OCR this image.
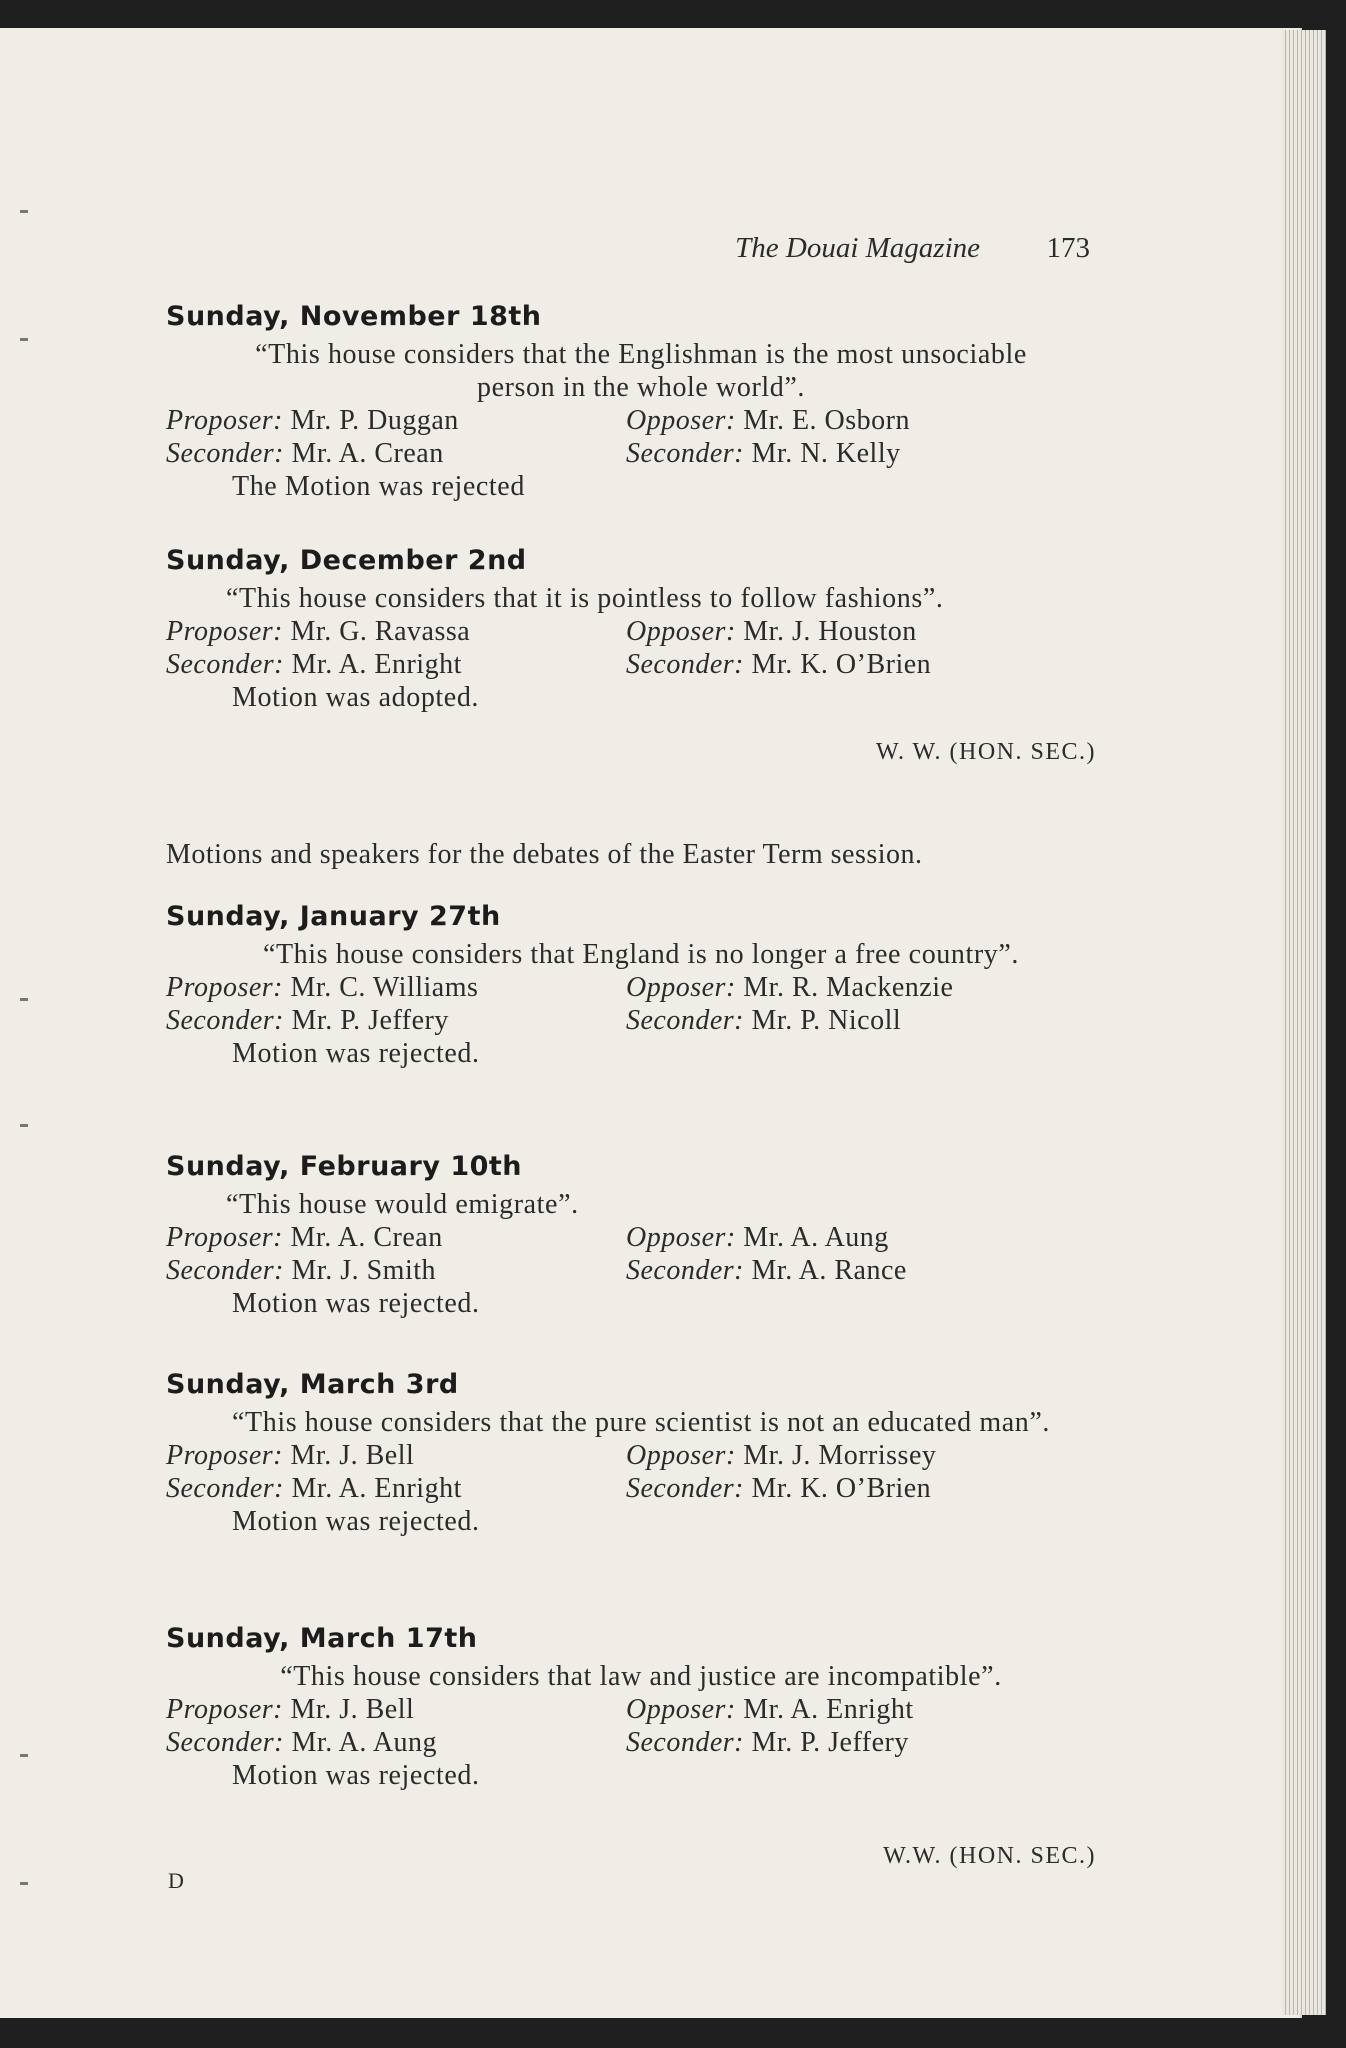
The Douai Magazine 173
Sunday, November 18th
“This house considers that the Englishman is the most unsociable person in the whole world”.
Proposer: Mr. P. Duggan	Opposer: Mr. E. Osborn
Seconder: Mr. A. Crean	Seconder: Mr. N. Kelly
The Motion was rejected
Sunday, December 2nd
“This house considers that it is pointless to follow fashions”.
Proposer: Mr. G. Ravassa	Opposer: Mr. J. Houston
Seconder: Mr. A. Enright	Seconder: Mr. K. O’Brien
Motion was adopted.
W. W. (HON. SEC.)
Motions and speakers for the debates of the Easter Term session.
Sunday, January 27th
“This house considers that England is no longer a free country”.
Proposer: Mr. C. Williams	Opposer: Mr. R. Mackenzie
Seconder: Mr. P. Jeffery	Seconder: Mr. P. Nicoll
Motion was rejected.
Sunday, February 10th
“This house would emigrate”.
Proposer: Mr. A. Crean	Opposer: Mr. A. Aung
Seconder: Mr. J. Smith	Seconder: Mr. A. Rance
Motion was rejected.
Sunday, March 3rd
“This house considers that the pure scientist is not an educated man”.
Proposer: Mr. J. Bell	Opposer: Mr. J. Morrissey
Seconder: Mr. A. Enright	Seconder: Mr. K. O’Brien
Motion was rejected.
Sunday, March 17th
“This house considers that law and justice are incompatible”.
Proposer: Mr. J. Bell	Opposer: Mr. A. Enright
Seconder: Mr. A. Aung	Seconder: Mr. P. Jeffery
Motion was rejected.
W.W. (HON. SEC.)
D
